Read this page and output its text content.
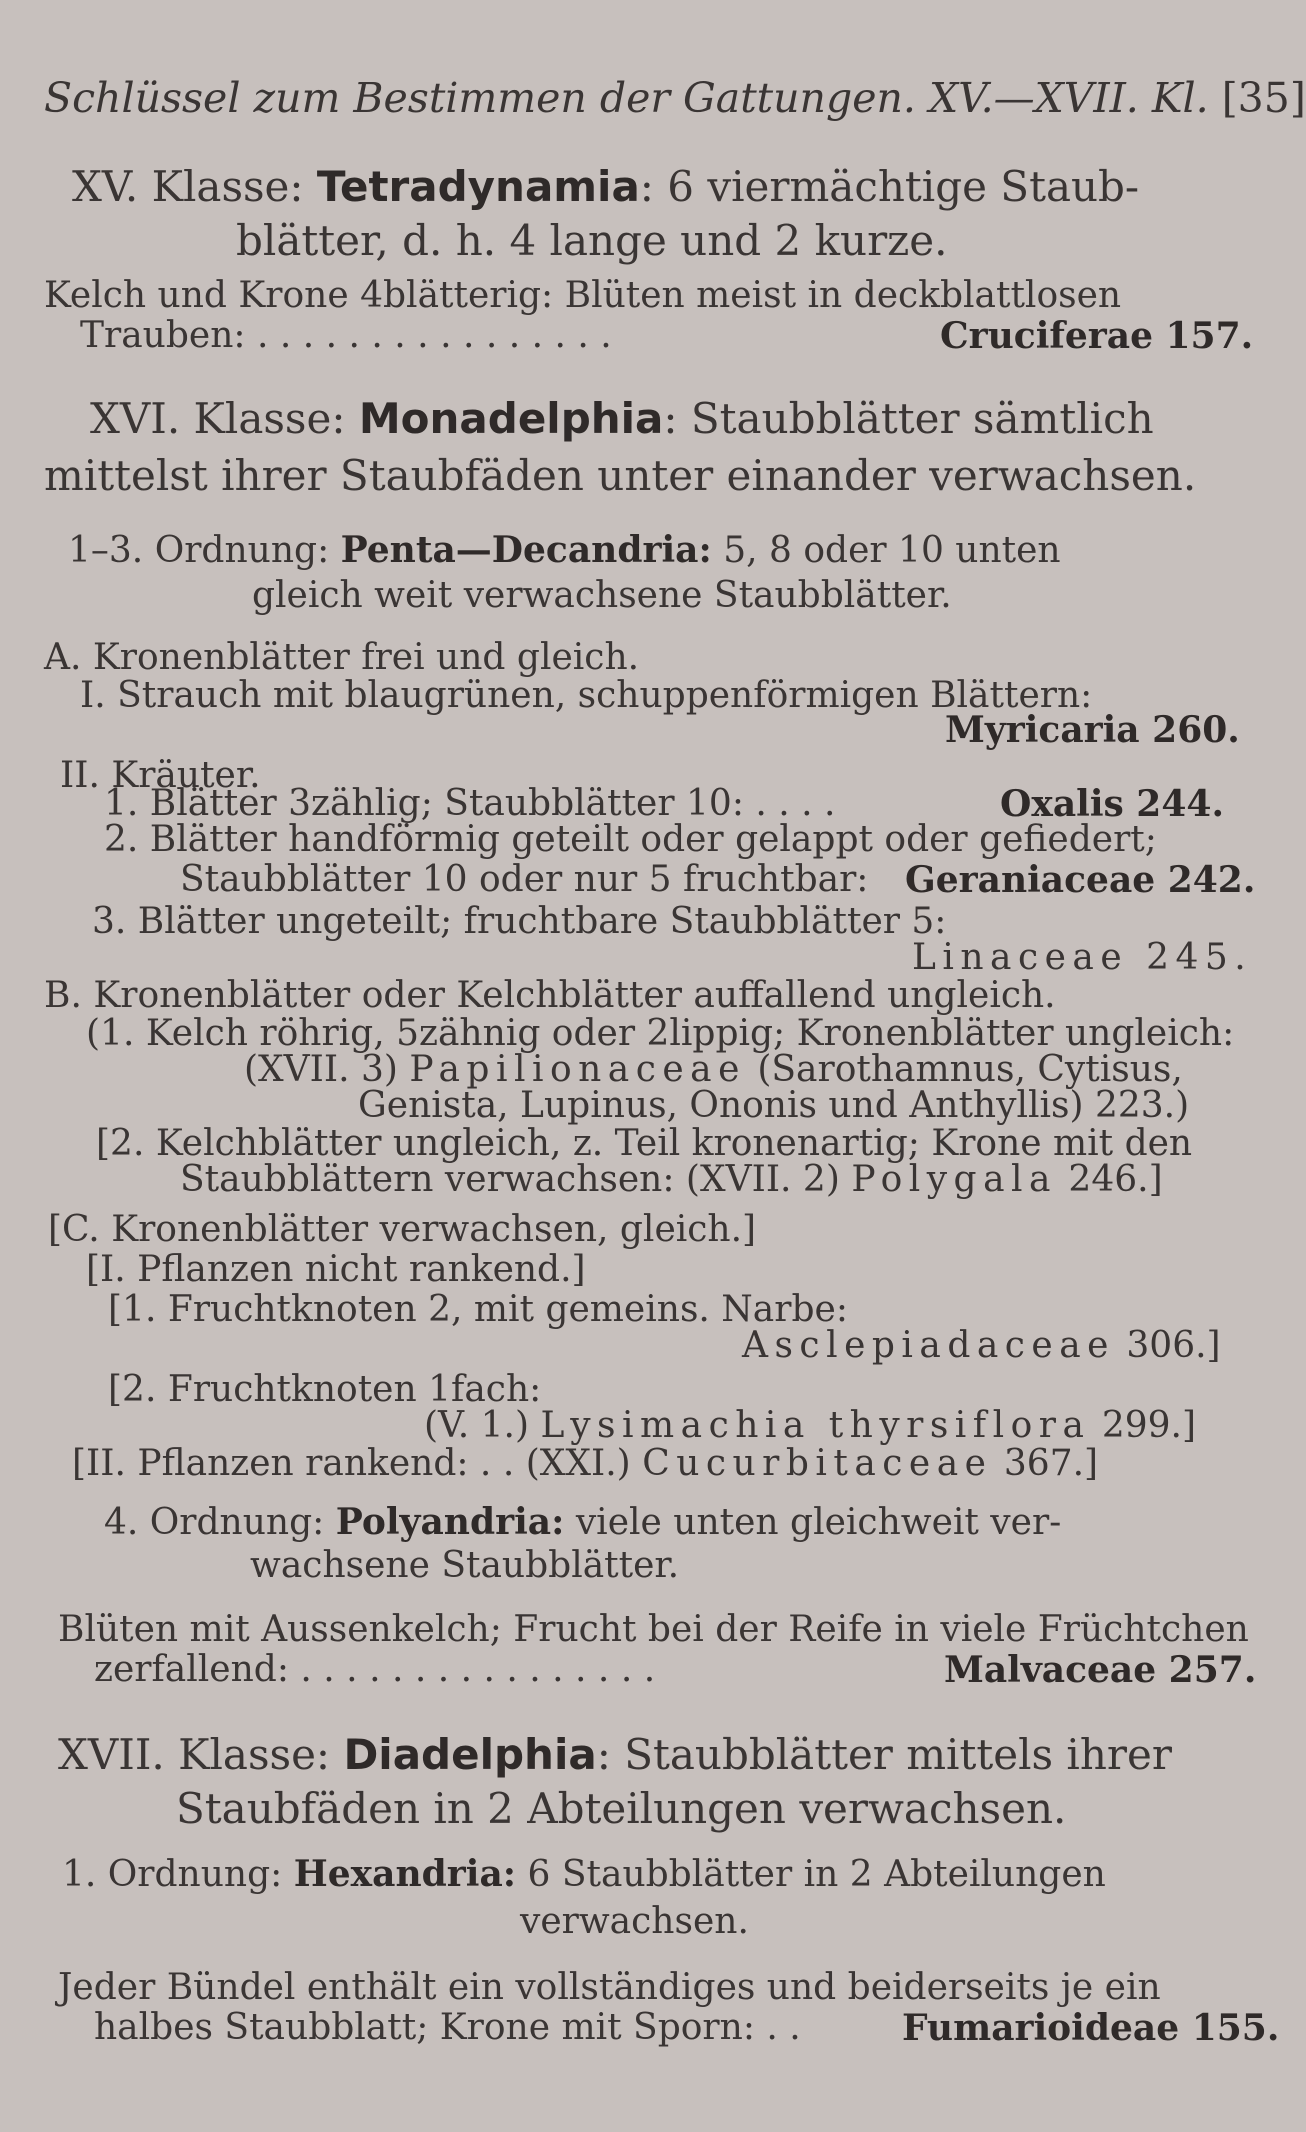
Schlüssel zum Bestimmen der Gattungen. XV.—XVII. Kl. [35]
XV. Klasse: Tetradynamia: 6 viermächtige Staub-
blätter, d. h. 4 lange und 2 kurze.
Kelch und Krone 4blätterig: Blüten meist in deckblattlosen
Trauben: . . . . . . . . . . . . . . . .	Cruciferae 157.
XVI. Klasse: Monadelphia: Staubblätter sämtlich
mittelst ihrer Staubfäden unter einander verwachsen.
1–3. Ordnung: Penta—Decandria: 5, 8 oder 10 unten
gleich weit verwachsene Staubblätter.
A. Kronenblätter frei und gleich.
I. Strauch mit blaugrünen, schuppenförmigen Blättern:
Myricaria 260.
II. Kräuter.
1. Blätter 3zählig; Staubblätter 10: . . . .	Oxalis 244.
2. Blätter handförmig geteilt oder gelappt oder gefiedert;
Staubblätter 10 oder nur 5 fruchtbar: Geraniaceae 242.
3. Blätter ungeteilt; fruchtbare Staubblätter 5:
Linaceae 245.
B. Kronenblätter oder Kelchblätter auffallend ungleich.
(1. Kelch röhrig, 5zähnig oder 2lippig; Kronenblätter ungleich:
(XVII. 3) Papilionaceae (Sarothamnus, Cytisus,
Genista, Lupinus, Ononis und Anthyllis) 223.)
[2. Kelchblätter ungleich, z. Teil kronenartig; Krone mit den
Staubblättern verwachsen: (XVII. 2) Polygala 246.]
[C. Kronenblätter verwachsen, gleich.]
[I. Pflanzen nicht rankend.]
[1. Fruchtknoten 2, mit gemeins. Narbe:
Asclepiadaceae 306.]
[2. Fruchtknoten 1fach:
(V. 1.) Lysimachia thyrsiflora 299.]
[II. Pflanzen rankend: . . (XXI.) Cucurbitaceae 367.]
4. Ordnung: Polyandria: viele unten gleichweit ver-
wachsene Staubblätter.
Blüten mit Aussenkelch; Frucht bei der Reife in viele Früchtchen
zerfallend: . . . . . . . . . . . . . . . .	Malvaceae 257.
XVII. Klasse: Diadelphia: Staubblätter mittels ihrer
Staubfäden in 2 Abteilungen verwachsen.
1. Ordnung: Hexandria: 6 Staubblätter in 2 Abteilungen
verwachsen.
Jeder Bündel enthält ein vollständiges und beiderseits je ein
halbes Staubblatt; Krone mit Sporn: . .	Fumarioideae 155.
